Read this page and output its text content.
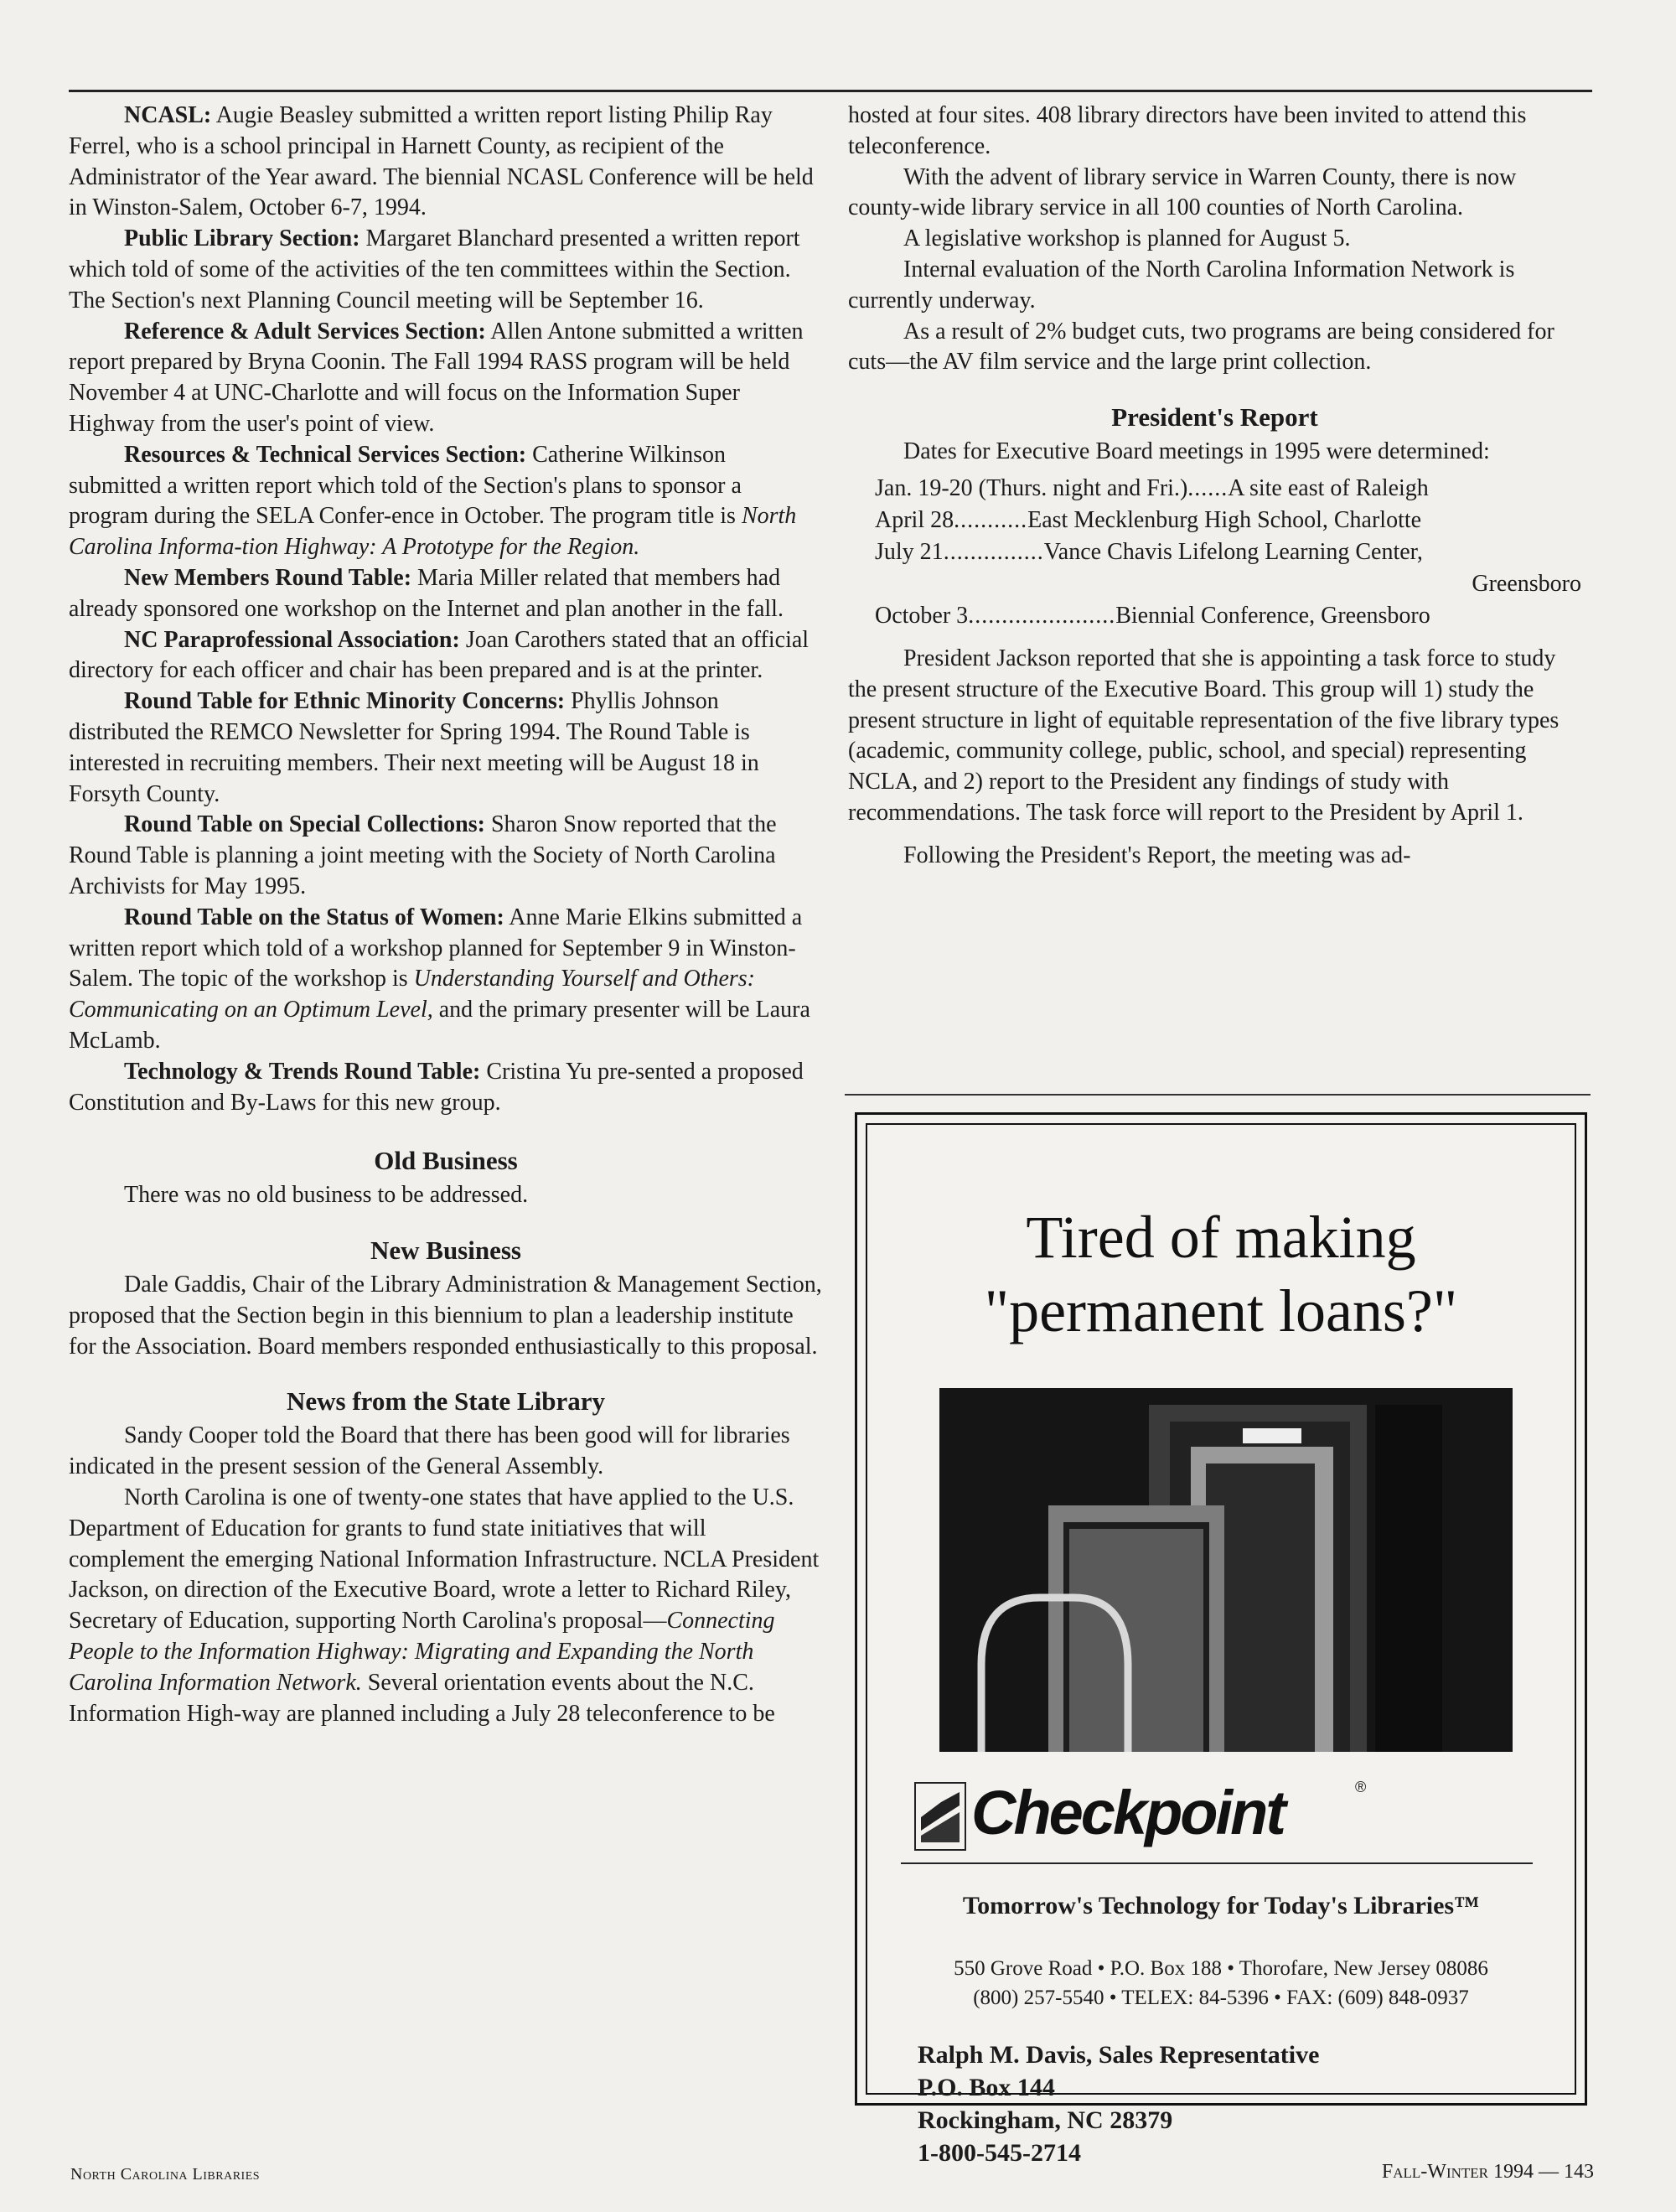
NCASL: Augie Beasley submitted a written report listing Philip Ray Ferrel, who is a school principal in Harnett County, as recipient of the Administrator of the Year award. The biennial NCASL Conference will be held in Winston-Salem, October 6-7, 1994.

Public Library Section: Margaret Blanchard presented a written report which told of some of the activities of the ten committees within the Section. The Section's next Planning Council meeting will be September 16.

Reference & Adult Services Section: Allen Antone submitted a written report prepared by Bryna Coonin. The Fall 1994 RASS program will be held November 4 at UNC-Charlotte and will focus on the Information Super Highway from the user's point of view.

Resources & Technical Services Section: Catherine Wilkinson submitted a written report which told of the Section's plans to sponsor a program during the SELA Confer-ence in October. The program title is North Carolina Informa-tion Highway: A Prototype for the Region.

New Members Round Table: Maria Miller related that members had already sponsored one workshop on the Internet and plan another in the fall.

NC Paraprofessional Association: Joan Carothers stated that an official directory for each officer and chair has been prepared and is at the printer.

Round Table for Ethnic Minority Concerns: Phyllis Johnson distributed the REMCO Newsletter for Spring 1994. The Round Table is interested in recruiting members. Their next meeting will be August 18 in Forsyth County.

Round Table on Special Collections: Sharon Snow reported that the Round Table is planning a joint meeting with the Society of North Carolina Archivists for May 1995.

Round Table on the Status of Women: Anne Marie Elkins submitted a written report which told of a workshop planned for September 9 in Winston-Salem. The topic of the workshop is Understanding Yourself and Others: Communicating on an Optimum Level, and the primary presenter will be Laura McLamb.

Technology & Trends Round Table: Cristina Yu pre-sented a proposed Constitution and By-Laws for this new group.

Old Business

There was no old business to be addressed.

New Business

Dale Gaddis, Chair of the Library Administration & Management Section, proposed that the Section begin in this biennium to plan a leadership institute for the Association. Board members responded enthusiastically to this proposal.

News from the State Library

Sandy Cooper told the Board that there has been good will for libraries indicated in the present session of the General Assembly.

North Carolina is one of twenty-one states that have applied to the U.S. Department of Education for grants to fund state initiatives that will complement the emerging National Information Infrastructure. NCLA President Jackson, on direction of the Executive Board, wrote a letter to Richard Riley, Secretary of Education, supporting North Carolina's proposal—Connecting People to the Information Highway: Migrating and Expanding the North Carolina Information Network. Several orientation events about the N.C. Information High-way are planned including a July 28 teleconference to be

hosted at four sites. 408 library directors have been invited to attend this teleconference.

With the advent of library service in Warren County, there is now county-wide library service in all 100 counties of North Carolina.

A legislative workshop is planned for August 5.

Internal evaluation of the North Carolina Information Network is currently underway.

As a result of 2% budget cuts, two programs are being considered for cuts—the AV film service and the large print collection.

President's Report

Dates for Executive Board meetings in 1995 were determined:

Jan. 19-20 (Thurs. night and Fri.) ...... A site east of Raleigh
April 28 ........... East Mecklenburg High School, Charlotte
July 21 ............... Vance Chavis Lifelong Learning Center,
Greensboro
October 3 ...................... Biennial Conference, Greensboro

President Jackson reported that she is appointing a task force to study the present structure of the Executive Board. This group will 1) study the present structure in light of equitable representation of the five library types (academic, community college, public, school, and special) representing NCLA, and 2) report to the President any findings of study with recommendations. The task force will report to the President by April 1.

Following the President's Report, the meeting was ad-

Tired of making
"permanent loans?"
Checkpoint	®
Tomorrow's Technology for Today's Libraries™
550 Grove Road • P.O. Box 188 • Thorofare, New Jersey 08086
(800) 257-5540 • TELEX: 84-5396 • FAX: (609) 848-0937
Ralph M. Davis, Sales Representative
P.O. Box 144
Rockingham, NC 28379
1-800-545-2714
North Carolina Libraries	Fall-Winter 1994 — 143
